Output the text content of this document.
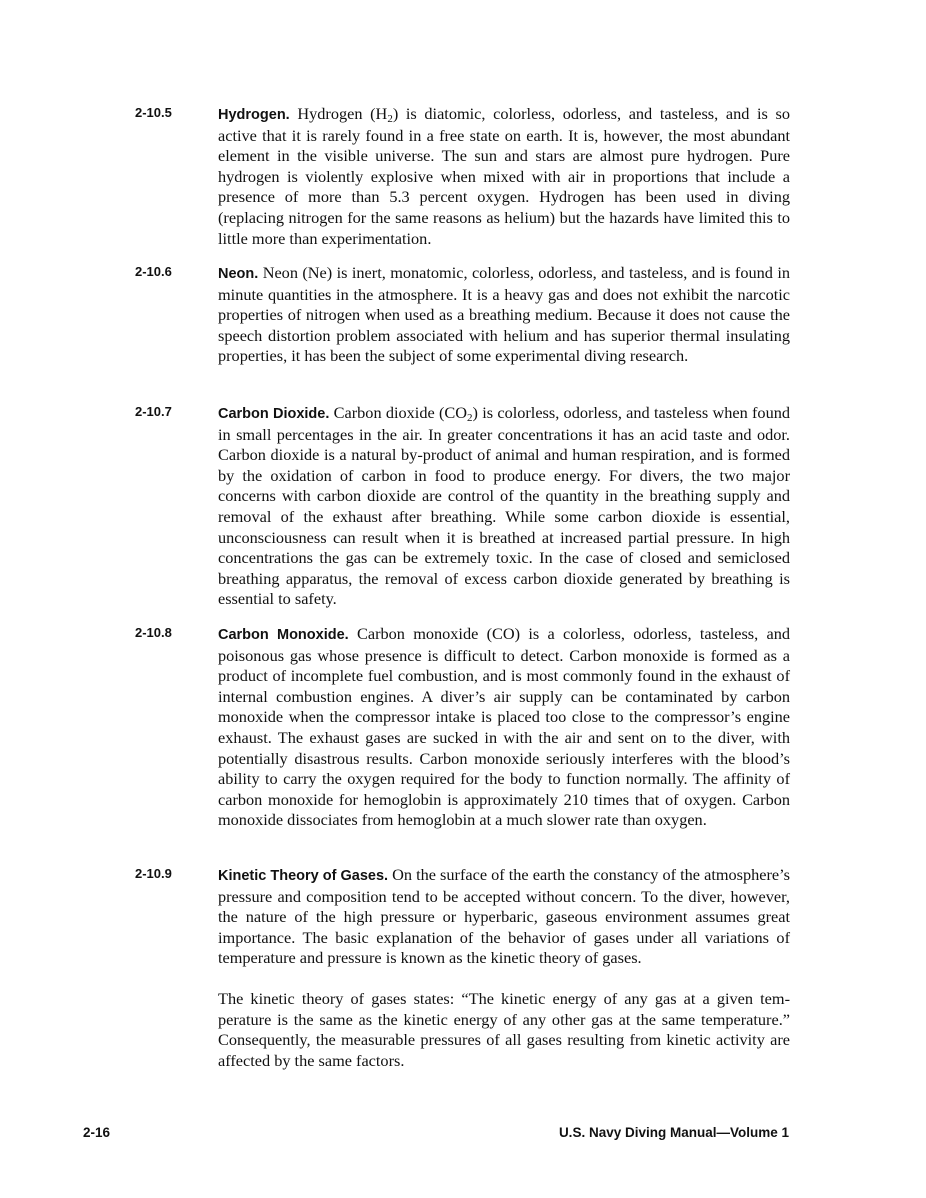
2-10.5	Hydrogen. Hydrogen $(H_2)$ is diatomic, colorless, odorless, and tasteless, and is so active that it is rarely found in a free state on earth. It is, however, the most abundant element in the visible universe. The sun and stars are almost pure hydrogen. Pure hydrogen is violently explosive when mixed with air in proportions that include a presence of more than 5.3 percent oxygen. Hydrogen has been used in diving (replacing nitrogen for the same reasons as helium) but the hazards have limited this to little more than experimentation.
2-10.6	Neon. Neon (Ne) is inert, monatomic, colorless, odorless, and tasteless, and is found in minute quantities in the atmosphere. It is a heavy gas and does not exhibit the narcotic properties of nitrogen when used as a breathing medium. Because it does not cause the speech distortion problem associated with helium and has superior thermal insulating properties, it has been the subject of some experimental diving research.
2-10.7	Carbon Dioxide. Carbon dioxide $(CO_2)$ is colorless, odorless, and tasteless when found in small percentages in the air. In greater concentrations it has an acid taste and odor. Carbon dioxide is a natural by-product of animal and human respiration, and is formed by the oxidation of carbon in food to produce energy. For divers, the two major concerns with carbon dioxide are control of the quantity in the breathing supply and removal of the exhaust after breathing. While some carbon dioxide is essential, unconsciousness can result when it is breathed at increased partial pressure. In high concentrations the gas can be extremely toxic. In the case of closed and semiclosed breathing apparatus, the removal of excess carbon dioxide generated by breathing is essential to safety.
2-10.8	Carbon Monoxide. Carbon monoxide (CO) is a colorless, odorless, tasteless, and poisonous gas whose presence is difficult to detect. Carbon monoxide is formed as a product of incomplete fuel combustion, and is most commonly found in the exhaust of internal combustion engines. A diver’s air supply can be contaminated by carbon monoxide when the compressor intake is placed too close to the compressor’s engine exhaust. The exhaust gases are sucked in with the air and sent on to the diver, with potentially disastrous results. Carbon monoxide seriously interferes with the blood’s ability to carry the oxygen required for the body to function normally. The affinity of carbon monoxide for hemoglobin is approximately 210 times that of oxygen. Carbon monoxide dissociates from hemoglobin at a much slower rate than oxygen.
2-10.9	Kinetic Theory of Gases. On the surface of the earth the constancy of the atmosphere’s pressure and composition tend to be accepted without concern. To the diver, however, the nature of the high pressure or hyperbaric, gaseous environment assumes great importance. The basic explanation of the behavior of gases under all variations of temperature and pressure is known as the kinetic theory of gases.
The kinetic theory of gases states: “The kinetic energy of any gas at a given temperature is the same as the kinetic energy of any other gas at the same temperature.” Consequently, the measurable pressures of all gases resulting from kinetic activity are affected by the same factors.
2-16	U.S. Navy Diving Manual—Volume 1
